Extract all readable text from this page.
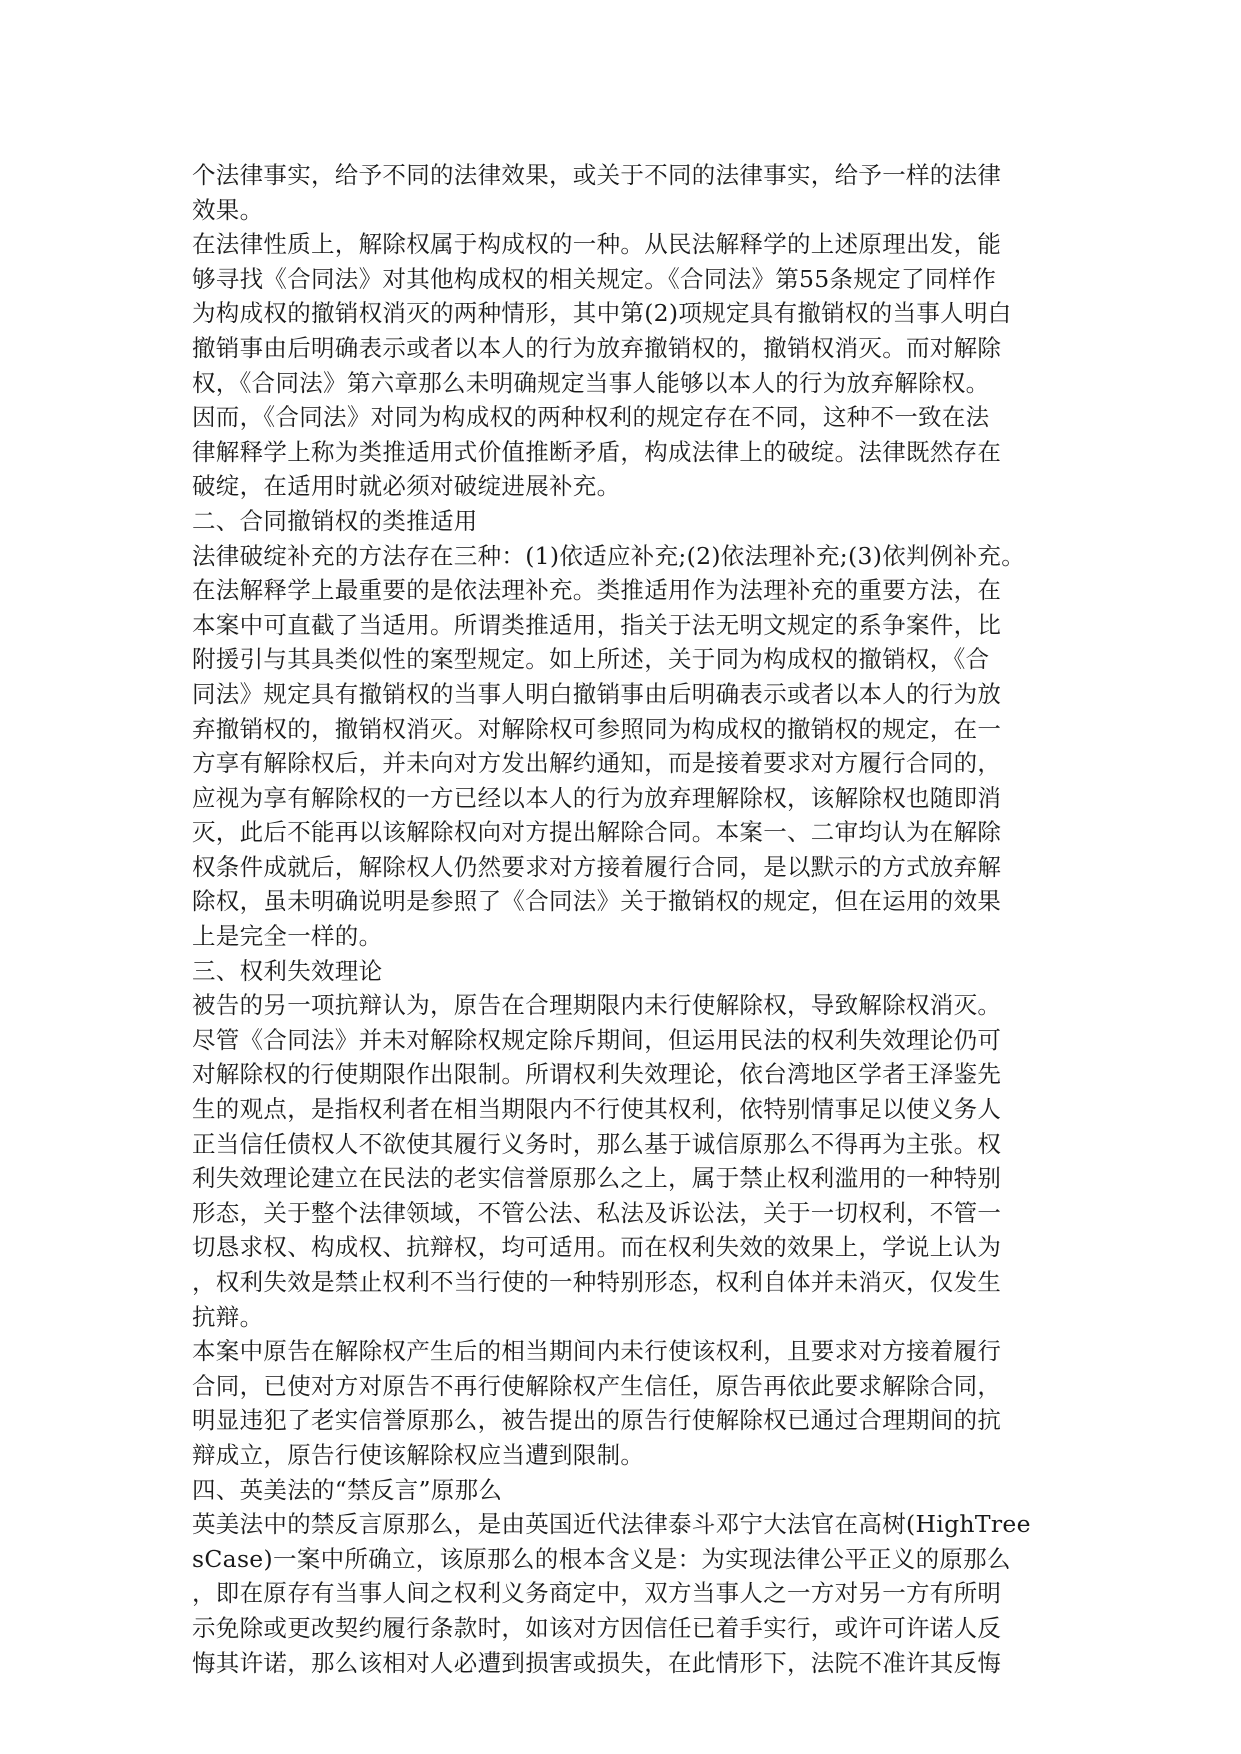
个法律事实，给予不同的法律效果，或关于不同的法律事实，给予一样的法律
效果。
在法律性质上，解除权属于构成权的一种。从民法解释学的上述原理出发，能
够寻找《合同法》对其他构成权的相关规定。《合同法》第55条规定了同样作
为构成权的撤销权消灭的两种情形，其中第(2)项规定具有撤销权的当事人明白
撤销事由后明确表示或者以本人的行为放弃撤销权的，撤销权消灭。而对解除
权，《合同法》第六章那么未明确规定当事人能够以本人的行为放弃解除权。
因而，《合同法》对同为构成权的两种权利的规定存在不同，这种不一致在法
律解释学上称为类推适用式价值推断矛盾，构成法律上的破绽。法律既然存在
破绽，在适用时就必须对破绽进展补充。
二、合同撤销权的类推适用
法律破绽补充的方法存在三种：(1)依适应补充;(2)依法理补充;(3)依判例补充。
在法解释学上最重要的是依法理补充。类推适用作为法理补充的重要方法，在
本案中可直截了当适用。所谓类推适用，指关于法无明文规定的系争案件，比
附援引与其具类似性的案型规定。如上所述，关于同为构成权的撤销权，《合
同法》规定具有撤销权的当事人明白撤销事由后明确表示或者以本人的行为放
弃撤销权的，撤销权消灭。对解除权可参照同为构成权的撤销权的规定，在一
方享有解除权后，并未向对方发出解约通知，而是接着要求对方履行合同的，
应视为享有解除权的一方已经以本人的行为放弃理解除权，该解除权也随即消
灭，此后不能再以该解除权向对方提出解除合同。本案一、二审均认为在解除
权条件成就后，解除权人仍然要求对方接着履行合同，是以默示的方式放弃解
除权，虽未明确说明是参照了《合同法》关于撤销权的规定，但在运用的效果
上是完全一样的。
三、权利失效理论
被告的另一项抗辩认为，原告在合理期限内未行使解除权，导致解除权消灭。
尽管《合同法》并未对解除权规定除斥期间，但运用民法的权利失效理论仍可
对解除权的行使期限作出限制。所谓权利失效理论，依台湾地区学者王泽鉴先
生的观点，是指权利者在相当期限内不行使其权利，依特别情事足以使义务人
正当信任债权人不欲使其履行义务时，那么基于诚信原那么不得再为主张。权
利失效理论建立在民法的老实信誉原那么之上，属于禁止权利滥用的一种特别
形态，关于整个法律领域，不管公法、私法及诉讼法，关于一切权利，不管一
切恳求权、构成权、抗辩权，均可适用。而在权利失效的效果上，学说上认为
，权利失效是禁止权利不当行使的一种特别形态，权利自体并未消灭，仅发生
抗辩。
本案中原告在解除权产生后的相当期间内未行使该权利，且要求对方接着履行
合同，已使对方对原告不再行使解除权产生信任，原告再依此要求解除合同，
明显违犯了老实信誉原那么，被告提出的原告行使解除权已通过合理期间的抗
辩成立，原告行使该解除权应当遭到限制。
四、英美法的“禁反言”原那么
英美法中的禁反言原那么，是由英国近代法律泰斗邓宁大法官在高树(HighTree
sCase)一案中所确立，该原那么的根本含义是：为实现法律公平正义的原那么
，即在原存有当事人间之权利义务商定中，双方当事人之一方对另一方有所明
示免除或更改契约履行条款时，如该对方因信任已着手实行，或许可许诺人反
悔其许诺，那么该相对人必遭到损害或损失，在此情形下，法院不准许其反悔
